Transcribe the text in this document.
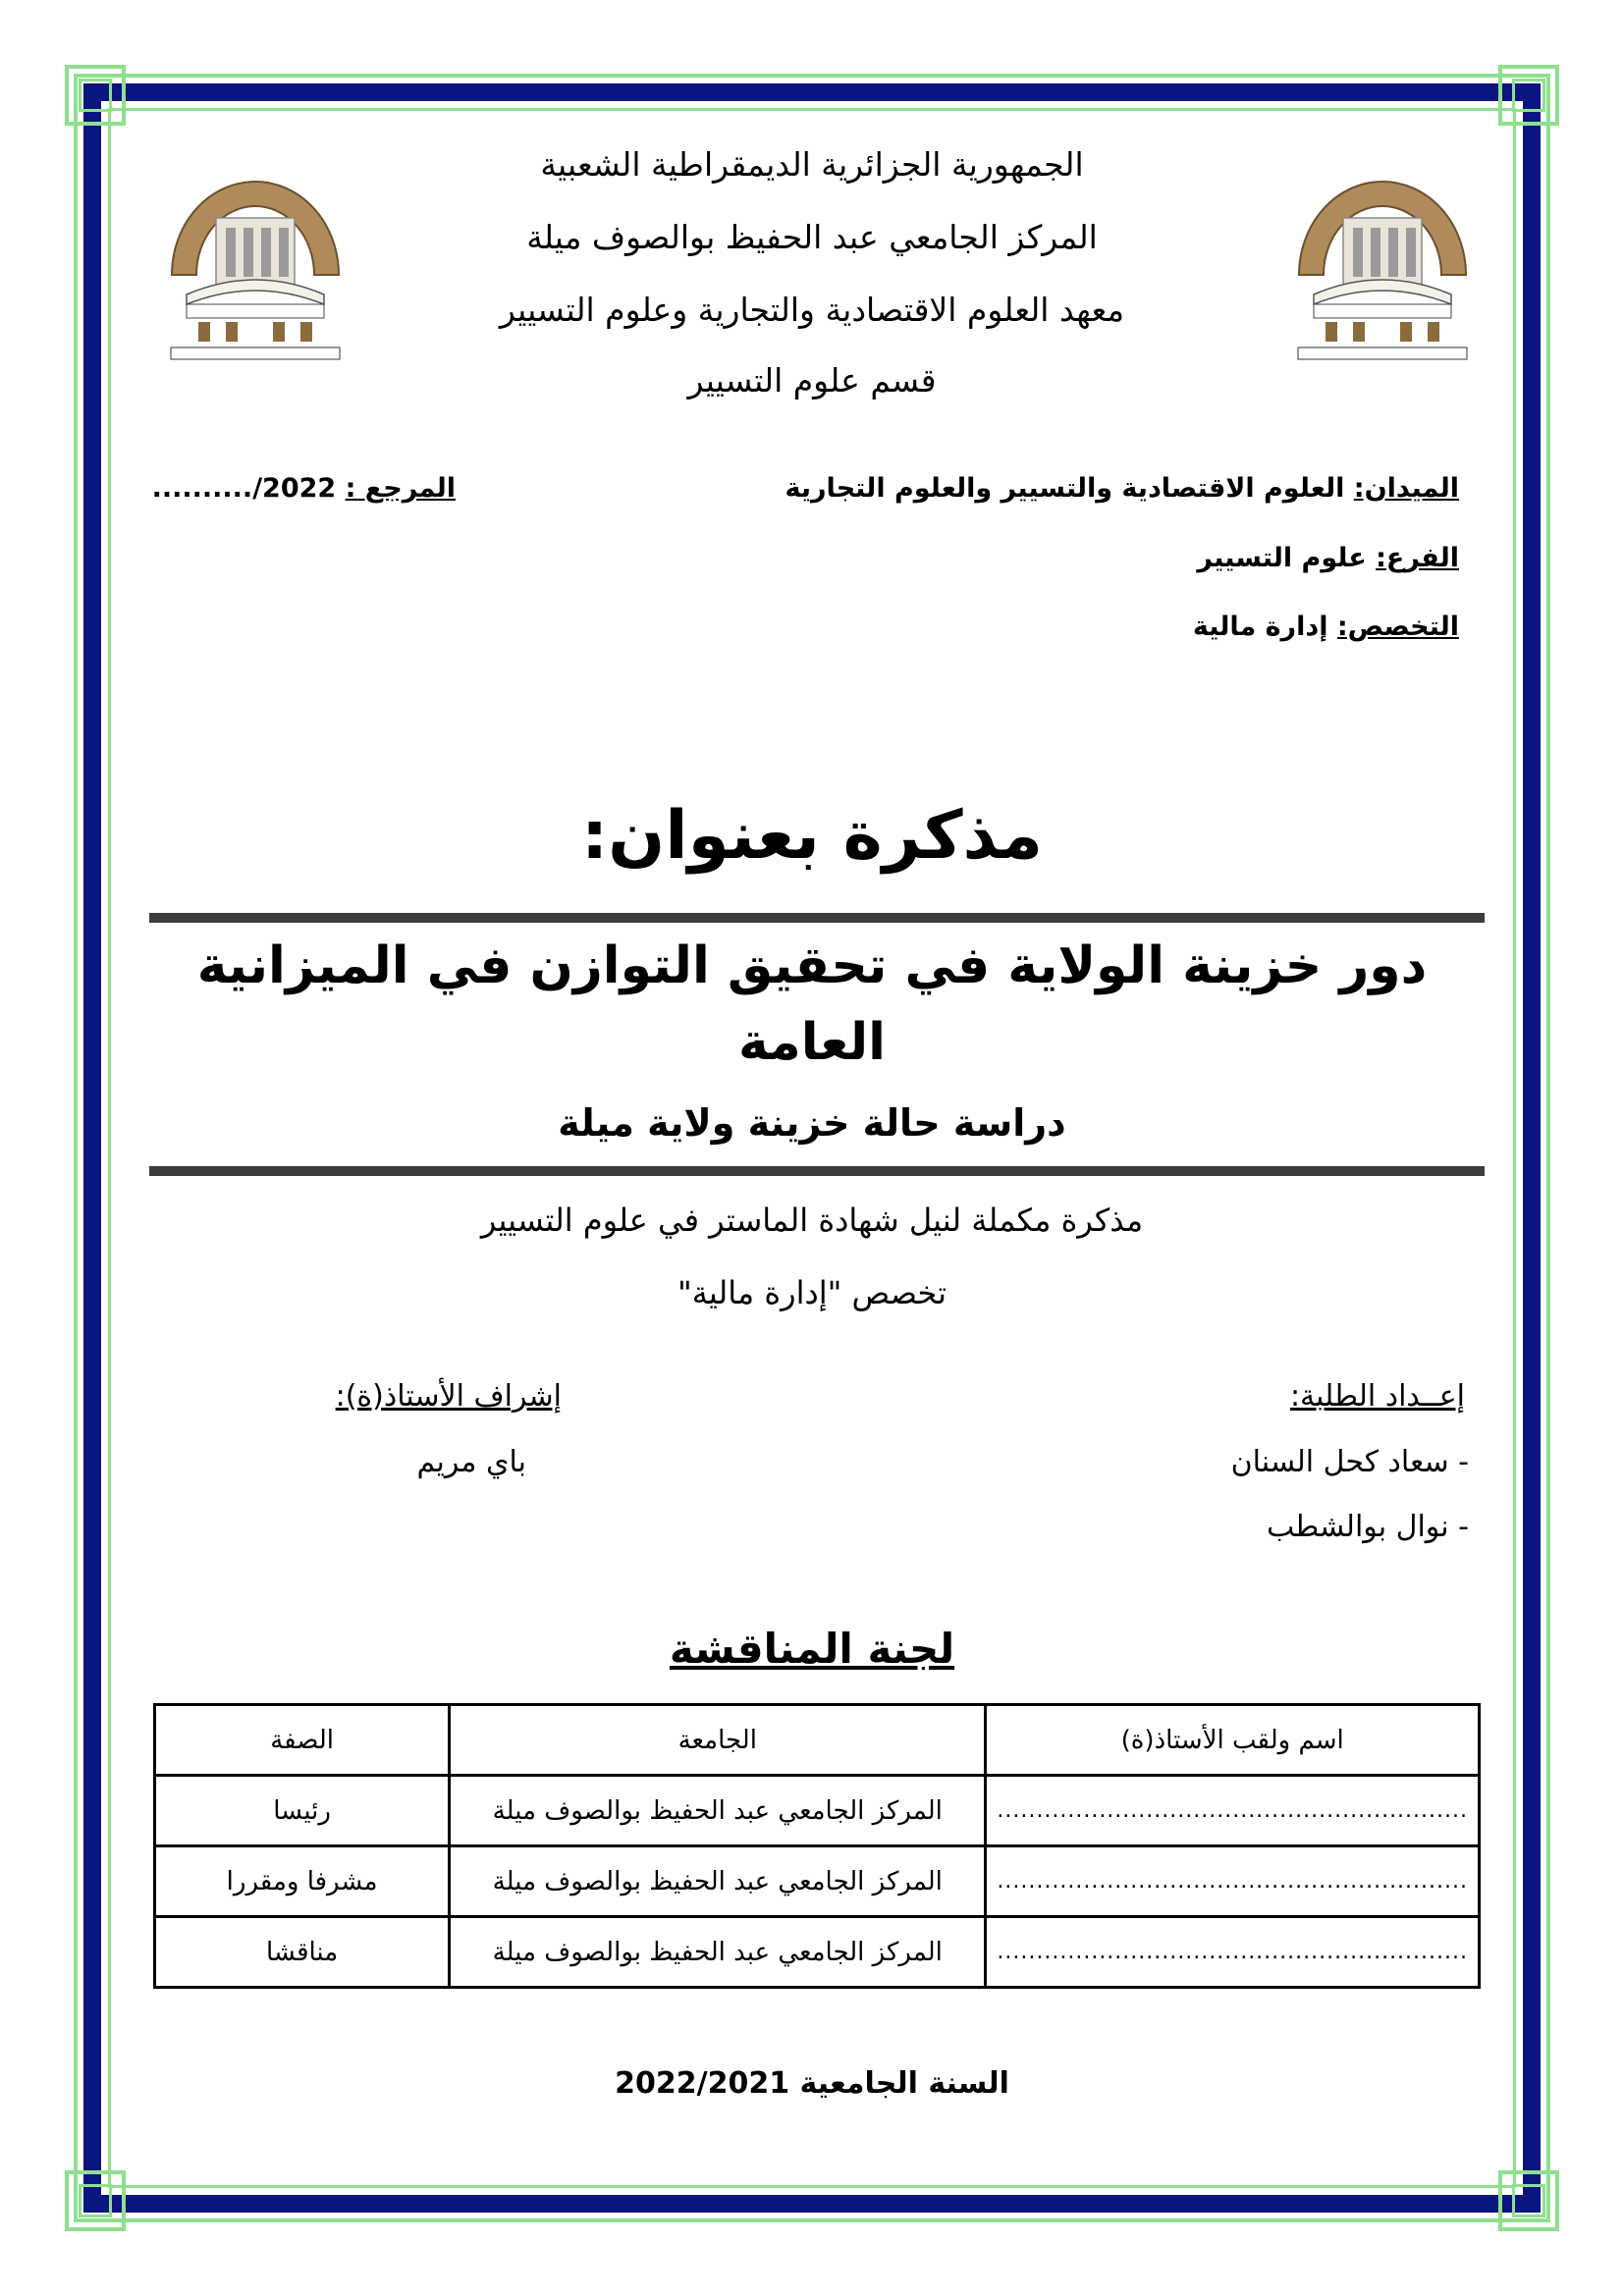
الجمهورية الجزائرية الديمقراطية الشعبية
المركز الجامعي عبد الحفيظ بوالصوف ميلة
معهد العلوم الاقتصادية والتجارية وعلوم التسيير
قسم علوم التسيير
الميدان: العلوم الاقتصادية والتسيير والعلوم التجارية
الفرع: علوم التسيير
التخصص: إدارة مالية
المرجع : ........../2022
مذكرة بعنوان:
دور خزينة الولاية في تحقيق التوازن في الميزانية
العامة
دراسة حالة خزينة ولاية ميلة
مذكرة مكملة لنيل شهادة الماستر في علوم التسيير
تخصص "إدارة مالية"
إعــداد الطلبة:
- سعاد كحل السنان
- نوال بوالشطب
إشراف الأستاذ(ة):
باي مريم
لجنة المناقشة
اسم ولقب الأستاذ(ة)	الجامعة	الصفة
............................................................	المركز الجامعي عبد الحفيظ بوالصوف ميلة	رئيسا
............................................................	المركز الجامعي عبد الحفيظ بوالصوف ميلة	مشرفا ومقررا
............................................................	المركز الجامعي عبد الحفيظ بوالصوف ميلة	مناقشا
السنة الجامعية 2022/2021
